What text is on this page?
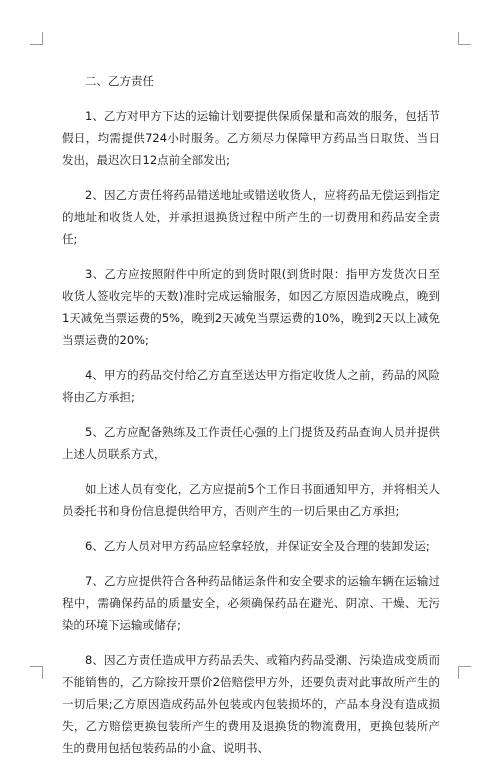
二、乙方责任

1、乙方对甲方下达的运输计划要提供保质保量和高效的服务，包括节假日，均需提供724小时服务。乙方须尽力保障甲方药品当日取货、当日发出，最迟次日12点前全部发出;

2、因乙方责任将药品错送地址或错送收货人，应将药品无偿运到指定的地址和收货人处，并承担退换货过程中所产生的一切费用和药品安全责任;

3、乙方应按照附件中所定的到货时限(到货时限：指甲方发货次日至收货人签收完毕的天数)准时完成运输服务，如因乙方原因造成晚点，晚到1天减免当票运费的5%，晚到2天减免当票运费的10%，晚到2天以上减免当票运费的20%;

4、甲方的药品交付给乙方直至送达甲方指定收货人之前，药品的风险将由乙方承担;

5、乙方应配备熟练及工作责任心强的上门提货及药品查询人员并提供上述人员联系方式，

如上述人员有变化，乙方应提前5个工作日书面通知甲方，并将相关人员委托书和身份信息提供给甲方，否则产生的一切后果由乙方承担;

6、乙方人员对甲方药品应轻拿轻放，并保证安全及合理的装卸发运;

7、乙方应提供符合各种药品储运条件和安全要求的运输车辆在运输过程中，需确保药品的质量安全，必须确保药品在避光、阴凉、干燥、无污染的环境下运输或储存;

8、因乙方责任造成甲方药品丢失、或箱内药品受潮、污染造成变质而不能销售的，乙方除按开票价2倍赔偿甲方外，还要负责对此事故所产生的一切后果;乙方原因造成药品外包装或内包装损坏的，产品本身没有造成损失，乙方赔偿更换包装所产生的费用及退换货的物流费用，更换包装所产生的费用包括包装药品的小盒、说明书、
